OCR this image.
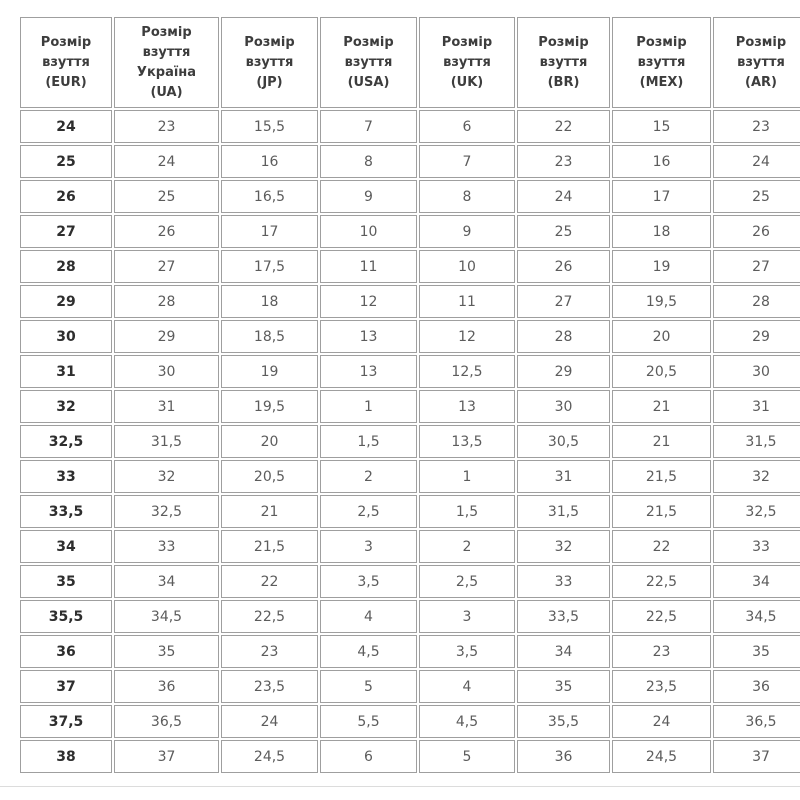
Розмір
взуття
(EUR)	Розмір
взуття
Україна
(UA)	Розмір
взуття
(JP)	Розмір
взуття
(USA)	Розмір
взуття
(UK)	Розмір
взуття
(BR)	Розмір
взуття
(MEX)	Розмір
взуття
(AR)

24	23	15,5	7	6	22	15	23
25	24	16	8	7	23	16	24
26	25	16,5	9	8	24	17	25
27	26	17	10	9	25	18	26
28	27	17,5	11	10	26	19	27
29	28	18	12	11	27	19,5	28
30	29	18,5	13	12	28	20	29
31	30	19	13	12,5	29	20,5	30
32	31	19,5	1	13	30	21	31
32,5	31,5	20	1,5	13,5	30,5	21	31,5
33	32	20,5	2	1	31	21,5	32
33,5	32,5	21	2,5	1,5	31,5	21,5	32,5
34	33	21,5	3	2	32	22	33
35	34	22	3,5	2,5	33	22,5	34
35,5	34,5	22,5	4	3	33,5	22,5	34,5
36	35	23	4,5	3,5	34	23	35
37	36	23,5	5	4	35	23,5	36
37,5	36,5	24	5,5	4,5	35,5	24	36,5
38	37	24,5	6	5	36	24,5	37
